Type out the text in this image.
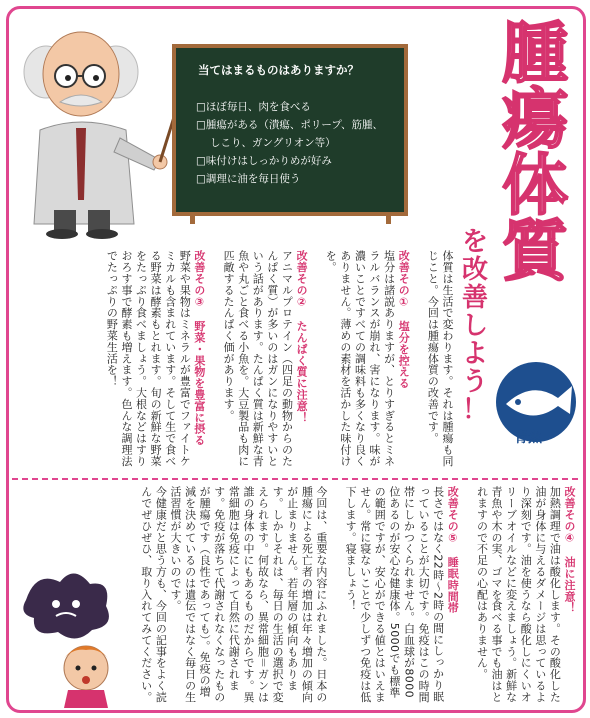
当てはまるものはありますか？
□ほぼ毎日、肉を食べる
□腫瘍がある（潰瘍、ポリープ、筋腫、
しこり、ガングリオン等）
□味付けはしっかりめが好み
□調理に油を毎日使う
腫
瘍
体
質
を
改
善
し
よ
う
！
青魚

体質は生活で変わります。それは腫瘍も同じこと。今回は腫瘍体質の改善です。

改善その①　塩分を控える

塩分は諸説ありますが、とりすぎるとミネラルバランスが崩れ、害になります。味が濃いことですべての調味料も多くなり良くありません。薄めの素材を活かした味付けを。

改善その②　たんぱく質に注意！

アニマルプロテイン（四足の動物からのたんぱく質）が多いのはガンになりやすいという話があります。たんぱく質は新鮮な青魚や丸ごと食べる小魚を。大豆製品も肉に匹敵するたんぱく価があります。

改善その③　野菜・果物を豊富に摂る

野菜や果物はミネラルが豊富でファイトケミカルも含まれています。そして生で食べる野菜は酵素もとれます。旬の新鮮な野菜をたっぷり食べましょう。大根などはすりおろす事で酵素も増えます。色んな調理法でたっぷりの野菜生活を！

改善その④　油に注意！

加熱調理で油は酸化します。その酸化した油が身体に与えるダメージは思っているより深刻です。油を使うなら酸化しにくいオリーブオイルなどに変えましょう。新鮮な青魚や木の実、ゴマを食べる事でも油はとれますので不足の心配はありません。

改善その⑤　睡眠時間帯

長さではなく22時～2時の間にしっかり眠っていることが大切です。免疫はこの時間帯にしかつくられません。白血球が8000位あるのが安心な健康体。5000でも標準の範囲ですが、安心ができる値とはいえません。常に寝ないことで少しずつ免疫は低下します。寝ましょう！

今回は、重要な内容にふれました。日本の腫瘍による死亡者の増加は年々増加の傾向が止まりません。若年層の傾向もあります。しかしそれは、毎日の生活の選択で変えられます。何故なら、異常細胞＝ガンは誰の身体の中にもあるものだからです。異常細胞は免疫によって自然に代謝されます。免疫が落ちて代謝されなくなったものが腫瘍です（良性であっても）。免疫の増減を決めているのは遺伝ではなく毎日の生活習慣が大きいのです。

今健康だと思う方も、今回の記事をよく読んでぜひぜひ、取り入れてみてください。
